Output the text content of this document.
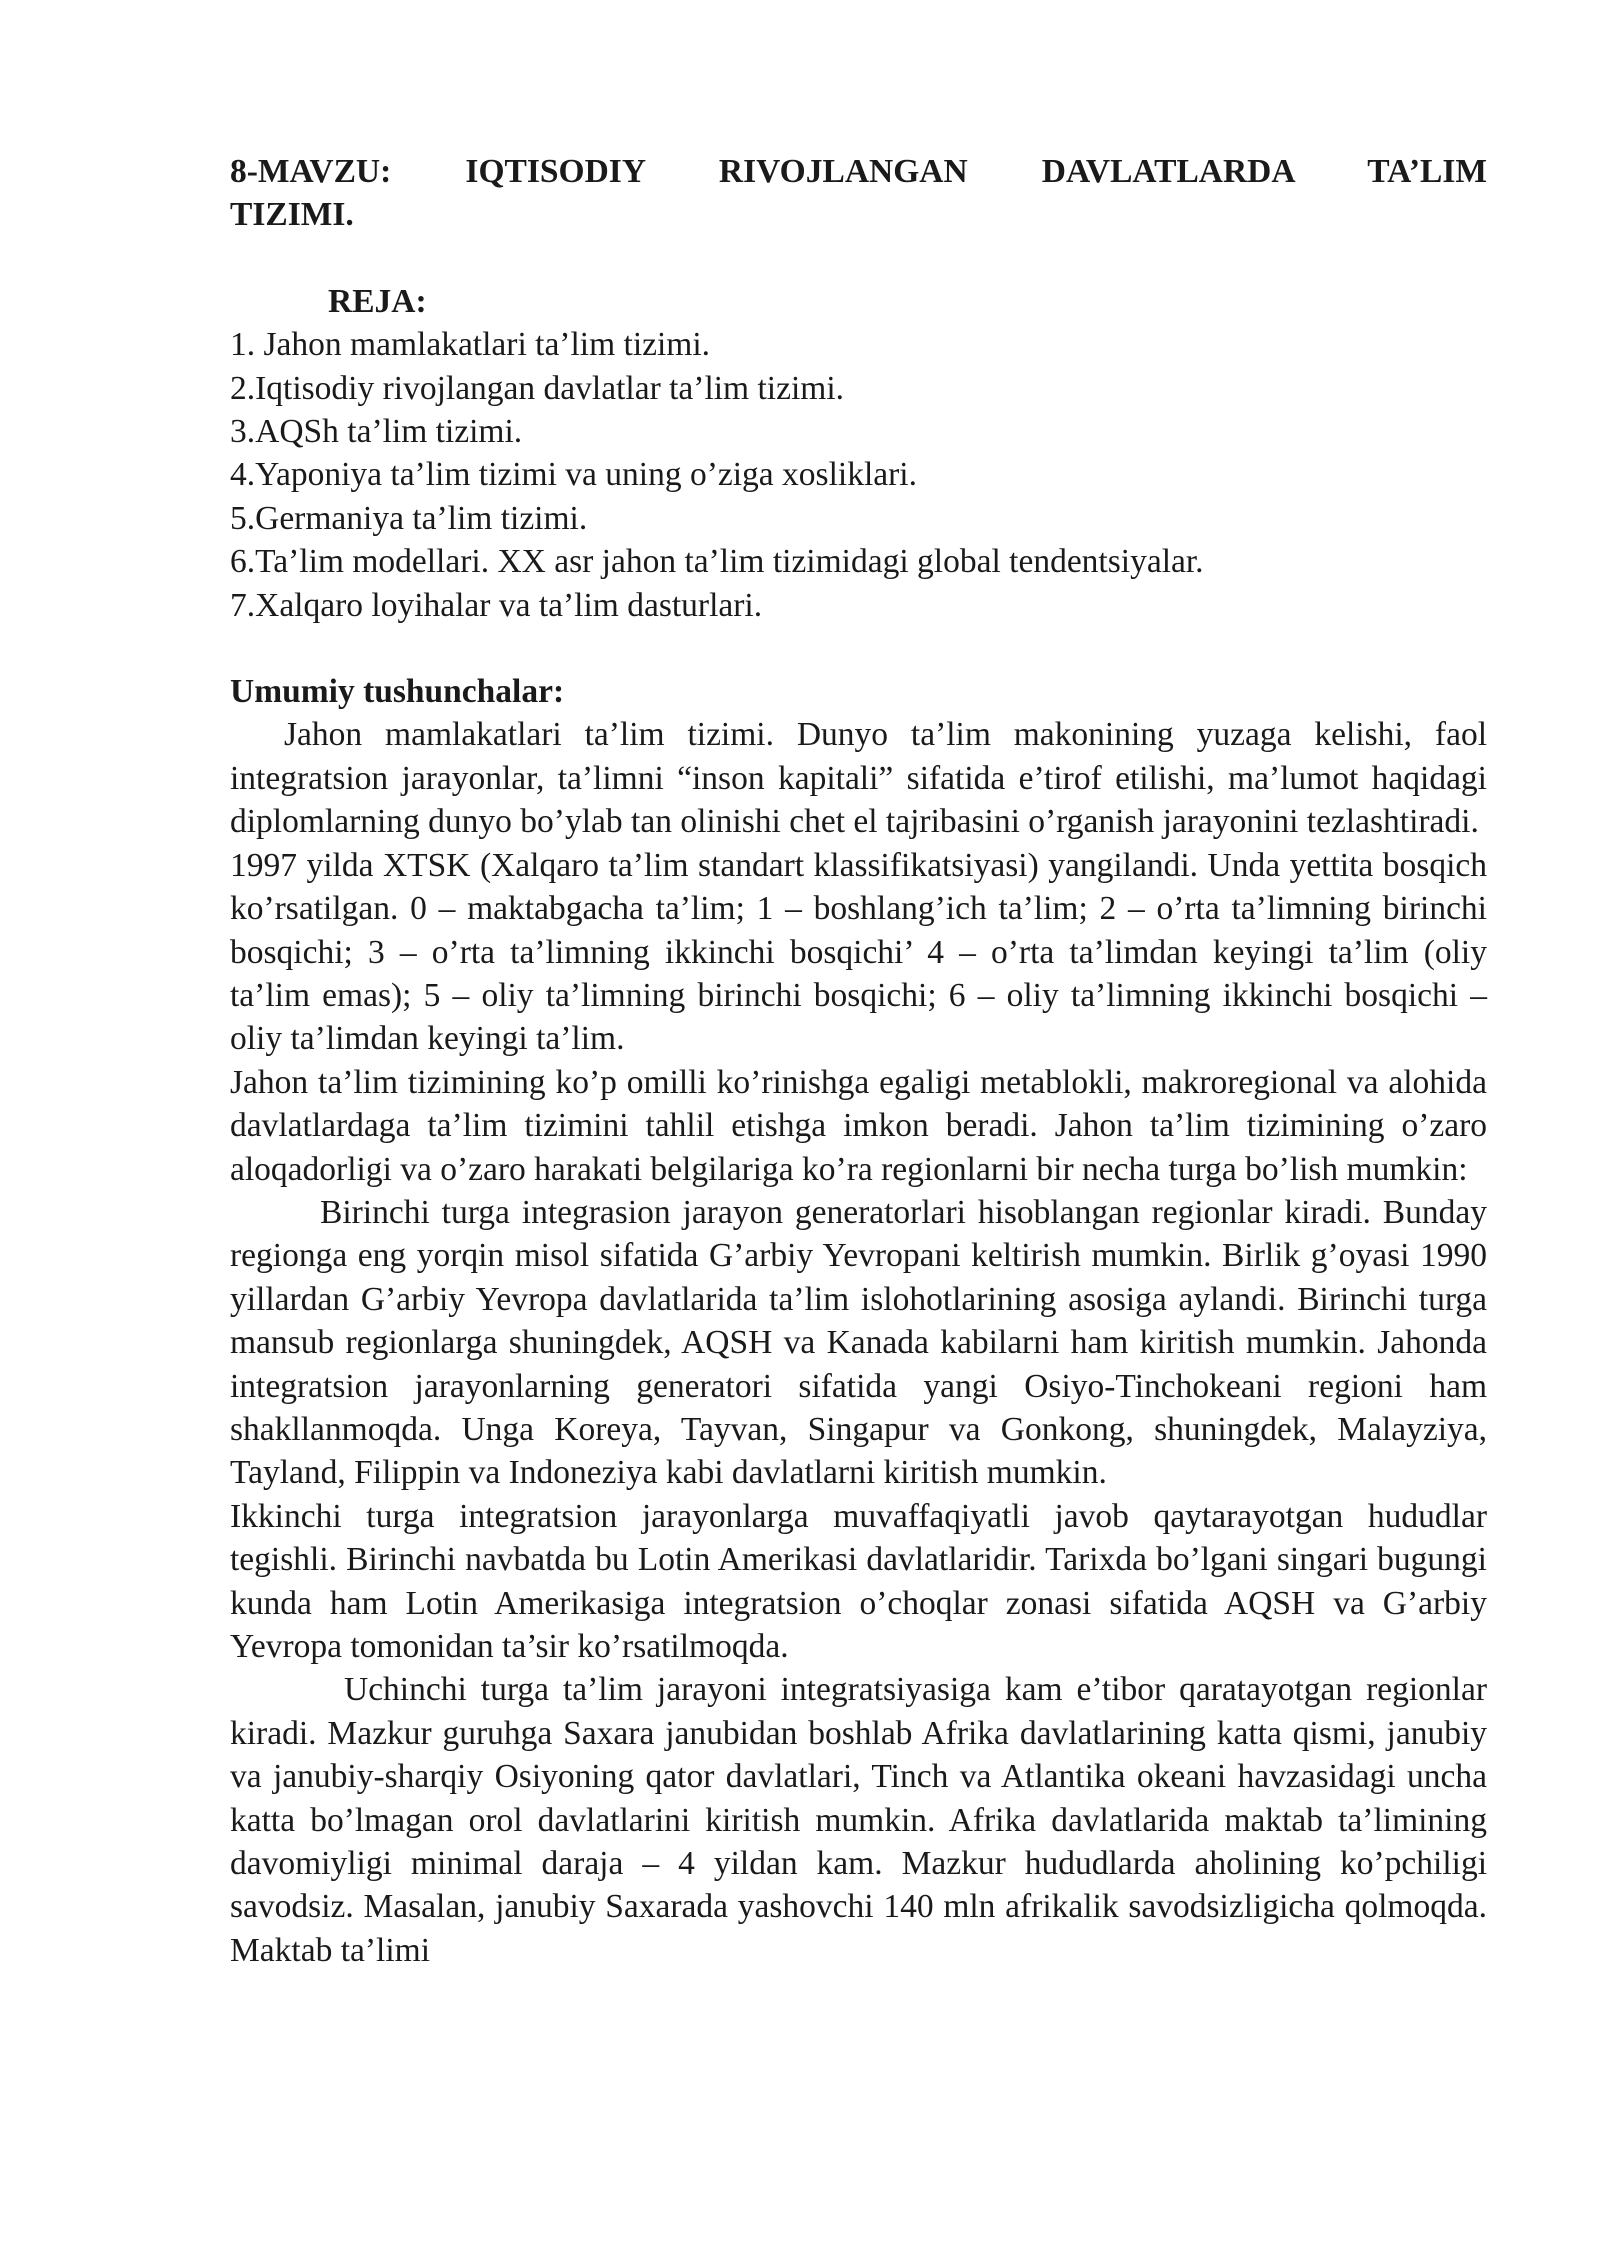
8-MAVZU: IQTISODIY RIVOJLANGAN DAVLATLARDA TA’LIM

TIZIMI.

REJA:

1. Jahon mamlakatlari ta’lim tizimi.
2.Iqtisodiy rivojlangan davlatlar ta’lim tizimi.
3.AQSh ta’lim tizimi.
4.Yaponiya ta’lim tizimi va uning o’ziga xosliklari.
5.Germaniya ta’lim tizimi.
6.Ta’lim modellari. XX asr jahon ta’lim tizimidagi global tendentsiyalar.
7.Xalqaro loyihalar va ta’lim dasturlari.

Umumiy tushunchalar:

Jahon mamlakatlari ta’lim tizimi. Dunyo ta’lim makonining yuzaga kelishi, faol integratsion jarayonlar, ta’limni “inson kapitali” sifatida e’tirof etilishi, ma’lumot haqidagi diplomlarning dunyo bo’ylab tan olinishi chet el tajribasini o’rganish jarayonini tezlashtiradi.

1997 yilda XTSK (Xalqaro ta’lim standart klassifikatsiyasi) yangilandi. Unda yettita bosqich ko’rsatilgan. 0 – maktabgacha ta’lim; 1 – boshlang’ich ta’lim; 2 – o’rta ta’limning birinchi bosqichi; 3 – o’rta ta’limning ikkinchi bosqichi’ 4 – o’rta ta’limdan keyingi ta’lim (oliy ta’lim emas); 5 – oliy ta’limning birinchi bosqichi; 6 – oliy ta’limning ikkinchi bosqichi – oliy ta’limdan keyingi ta’lim.

Jahon ta’lim tizimining ko’p omilli ko’rinishga egaligi metablokli, makroregional va alohida davlatlardaga ta’lim tizimini tahlil etishga imkon beradi. Jahon ta’lim tizimining o’zaro aloqadorligi va o’zaro harakati belgilariga ko’ra regionlarni bir necha turga bo’lish mumkin:

Birinchi turga integrasion jarayon generatorlari hisoblangan regionlar kiradi. Bunday regionga eng yorqin misol sifatida G’arbiy Yevropani keltirish mumkin. Birlik g’oyasi 1990 yillardan G’arbiy Yevropa davlatlarida ta’lim islohotlarining asosiga aylandi. Birinchi turga mansub regionlarga shuningdek, AQSH va Kanada kabilarni ham kiritish mumkin. Jahonda integratsion jarayonlarning generatori sifatida yangi Osiyo-Tinchokeani regioni ham shakllanmoqda. Unga Koreya, Tayvan, Singapur va Gonkong, shuningdek, Malayziya, Tayland, Filippin va Indoneziya kabi davlatlarni kiritish mumkin.

Ikkinchi turga integratsion jarayonlarga muvaffaqiyatli javob qaytarayotgan hududlar tegishli. Birinchi navbatda bu Lotin Amerikasi davlatlaridir. Tarixda bo’lgani singari bugungi kunda ham Lotin Amerikasiga integratsion o’choqlar zonasi sifatida AQSH va G’arbiy Yevropa tomonidan ta’sir ko’rsatilmoqda.

Uchinchi turga ta’lim jarayoni integratsiyasiga kam e’tibor qaratayotgan regionlar kiradi. Mazkur guruhga Saxara janubidan boshlab Afrika davlatlarining katta qismi, janubiy va janubiy-sharqiy Osiyoning qator davlatlari, Tinch va Atlantika okeani havzasidagi uncha katta bo’lmagan orol davlatlarini kiritish mumkin. Afrika davlatlarida maktab ta’limining davomiyligi minimal daraja – 4 yildan kam. Mazkur hududlarda aholining ko’pchiligi savodsiz. Masalan, janubiy Saxarada yashovchi 140 mln afrikalik savodsizligicha qolmoqda. Maktab ta’limi
